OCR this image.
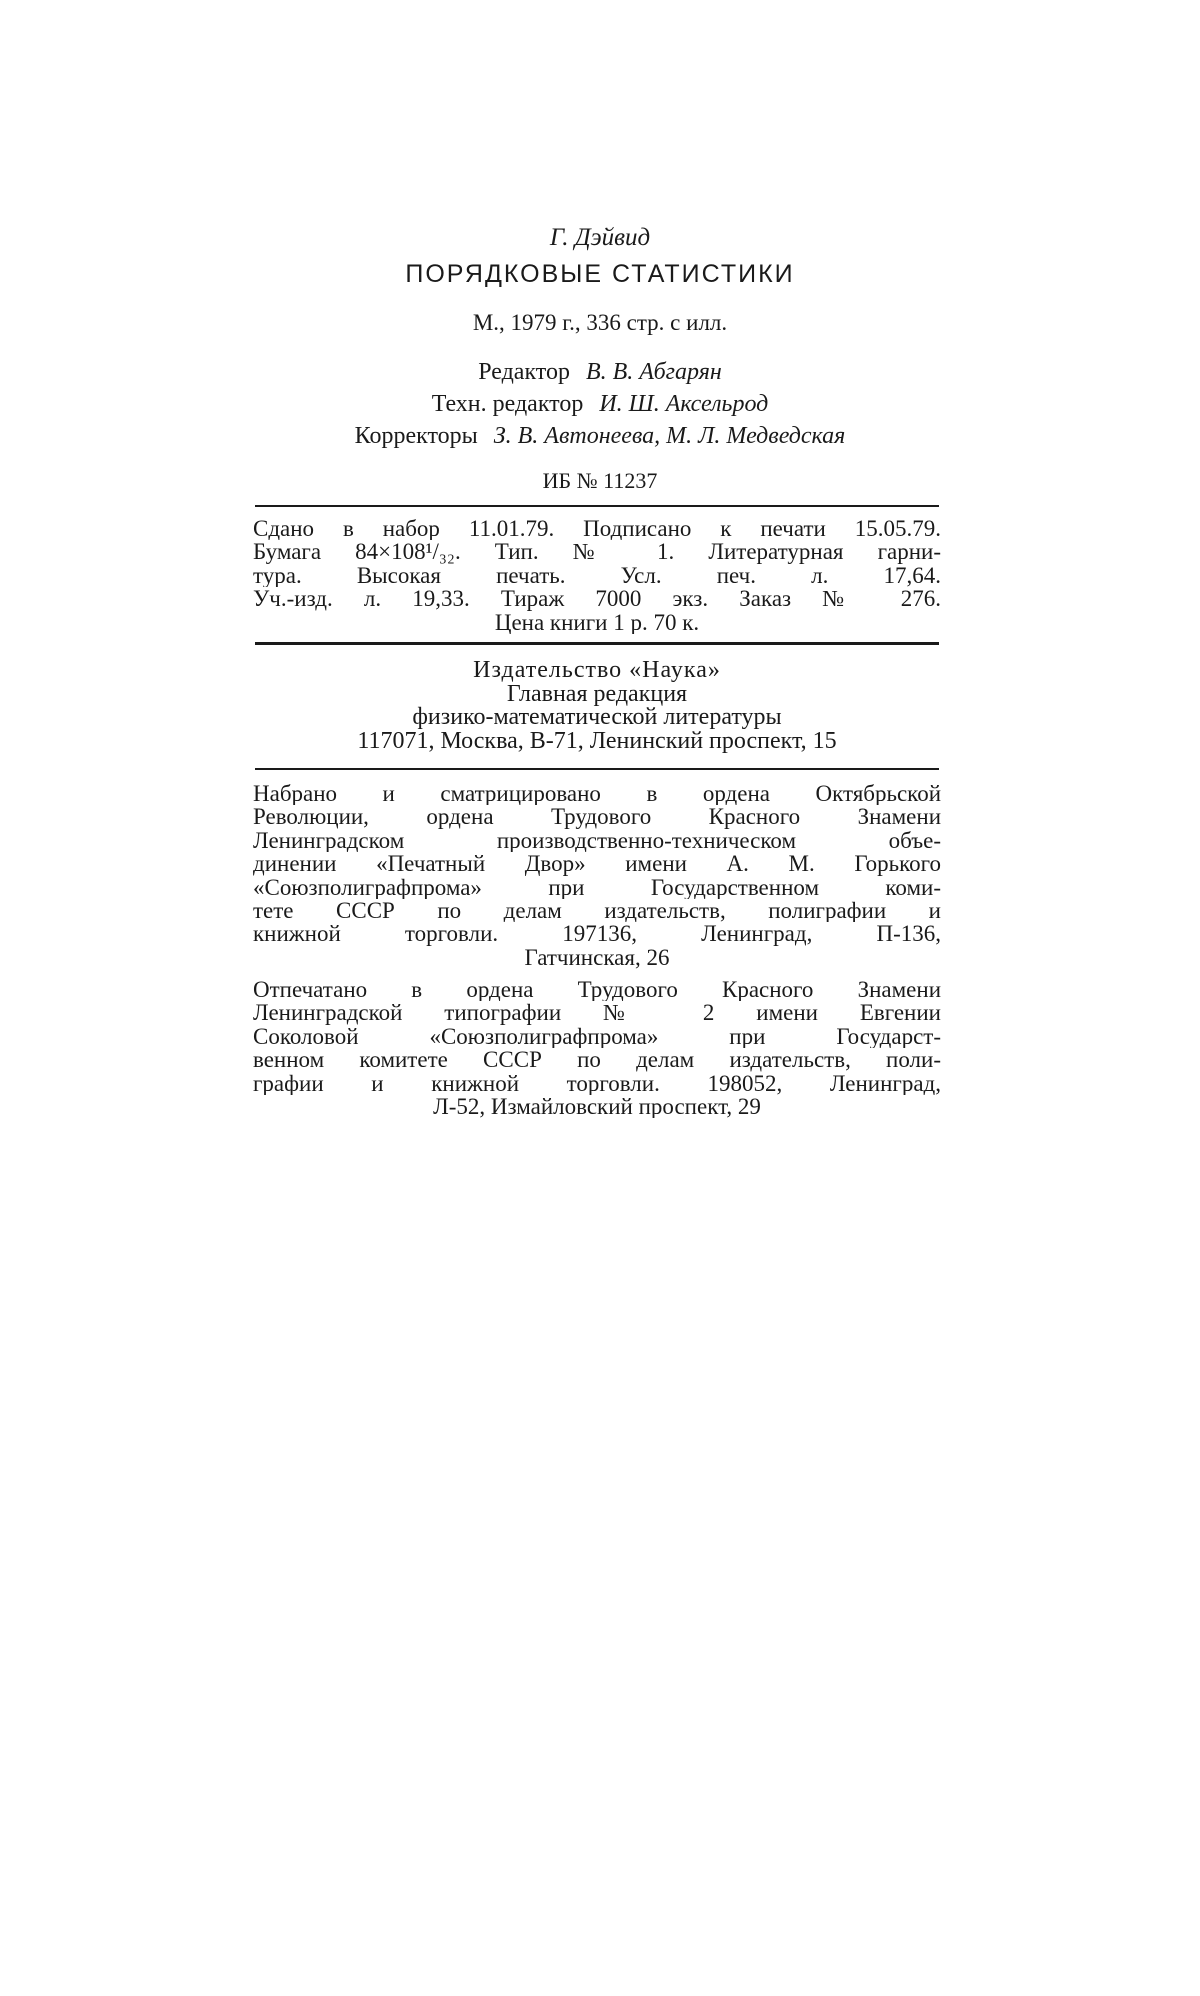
Г. Дэйвид
ПОРЯДКОВЫЕ СТАТИСТИКИ
М., 1979 г., 336 стр. с илл.
Редактор В. В. Абгарян
Техн. редактор И. Ш. Аксельрод
Корректоры З. В. Автонеева, М. Л. Медведская
ИБ № 11237
Сдано в набор 11.01.79. Подписано к печати 15.05.79.
Бумага 84×108¹/₃₂. Тип. № 1. Литературная гарни-
тура. Высокая печать. Усл. печ. л. 17,64.
Уч.-изд. л. 19,33. Тираж 7000 экз. Заказ № 276.
Цена книги 1 р. 70 к.
Издательство «Наука»
Главная редакция
физико-математической литературы
117071, Москва, В-71, Ленинский проспект, 15
Набрано и сматрицировано в ордена Октябрьской
Революции, ордена Трудового Красного Знамени
Ленинградском производственно-техническом объе-
динении «Печатный Двор» имени А. М. Горького
«Союзполиграфпрома» при Государственном коми-
тете СССР по делам издательств, полиграфии и
книжной торговли. 197136, Ленинград, П-136,
Гатчинская, 26
Отпечатано в ордена Трудового Красного Знамени
Ленинградской типографии № 2 имени Евгении
Соколовой «Союзполиграфпрома» при Государст-
венном комитете СССР по делам издательств, поли-
графии и книжной торговли. 198052, Ленинград,
Л-52, Измайловский проспект, 29
